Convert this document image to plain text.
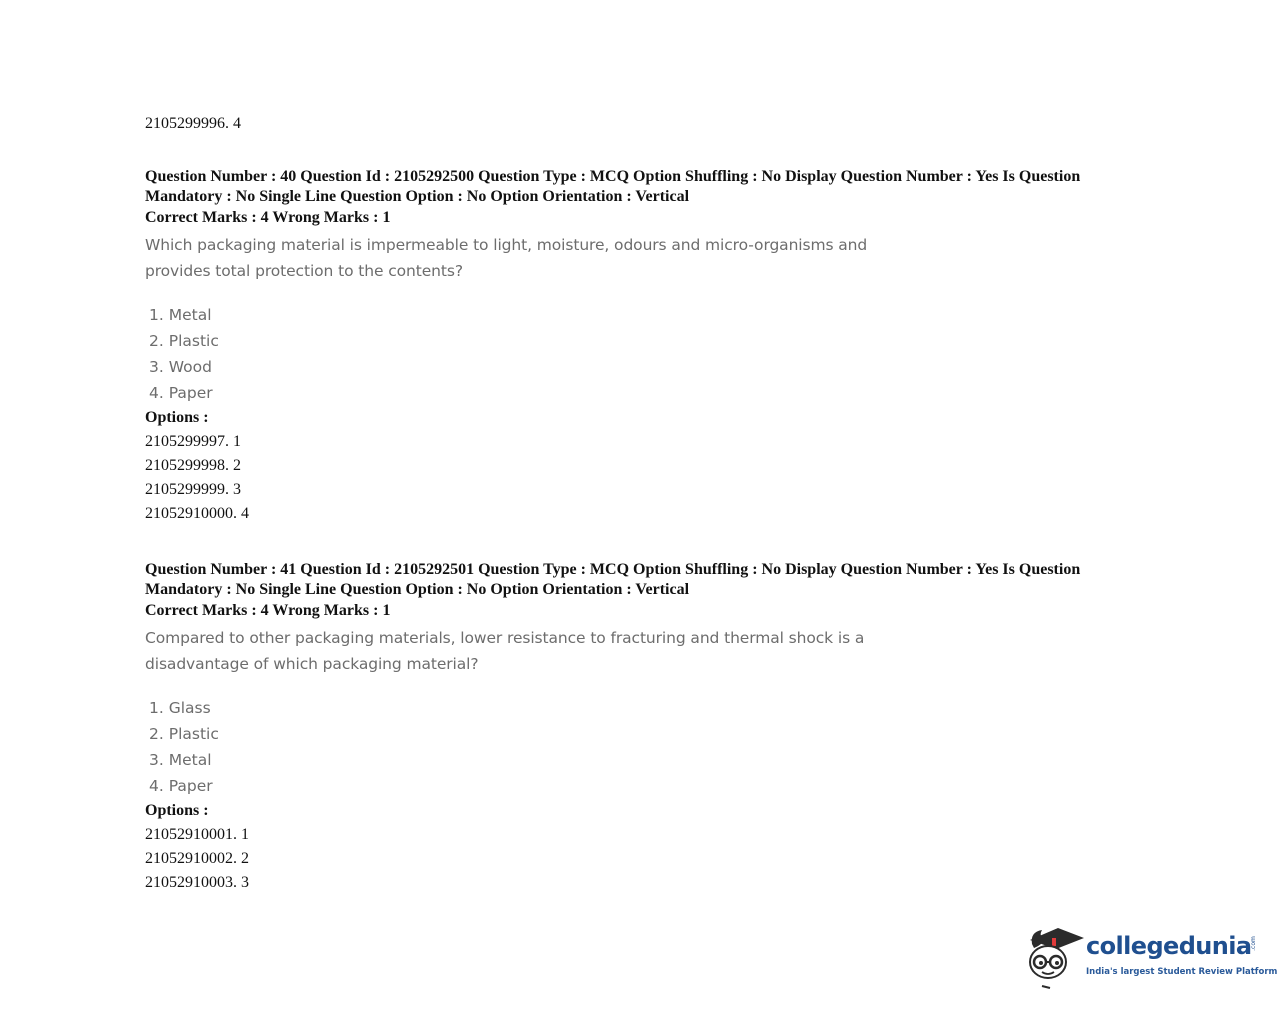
2105299996. 4

Question Number : 40 Question Id : 2105292500 Question Type : MCQ Option Shuffling : No Display Question Number : Yes Is Question Mandatory : No Single Line Question Option : No Option Orientation : Vertical

Correct Marks : 4 Wrong Marks : 1
Which packaging material is impermeable to light, moisture, odours and micro-organisms and provides total protection to the contents?
1. Metal
2. Plastic
3. Wood
4. Paper
Options :
2105299997. 1
2105299998. 2
2105299999. 3
21052910000. 4

Question Number : 41 Question Id : 2105292501 Question Type : MCQ Option Shuffling : No Display Question Number : Yes Is Question Mandatory : No Single Line Question Option : No Option Orientation : Vertical

Correct Marks : 4 Wrong Marks : 1
Compared to other packaging materials, lower resistance to fracturing and thermal shock is a disadvantage of which packaging material?
1. Glass
2. Plastic
3. Metal
4. Paper
Options :
21052910001. 1
21052910002. 2
21052910003. 3
collegedunia
.com
India's largest Student Review Platform
